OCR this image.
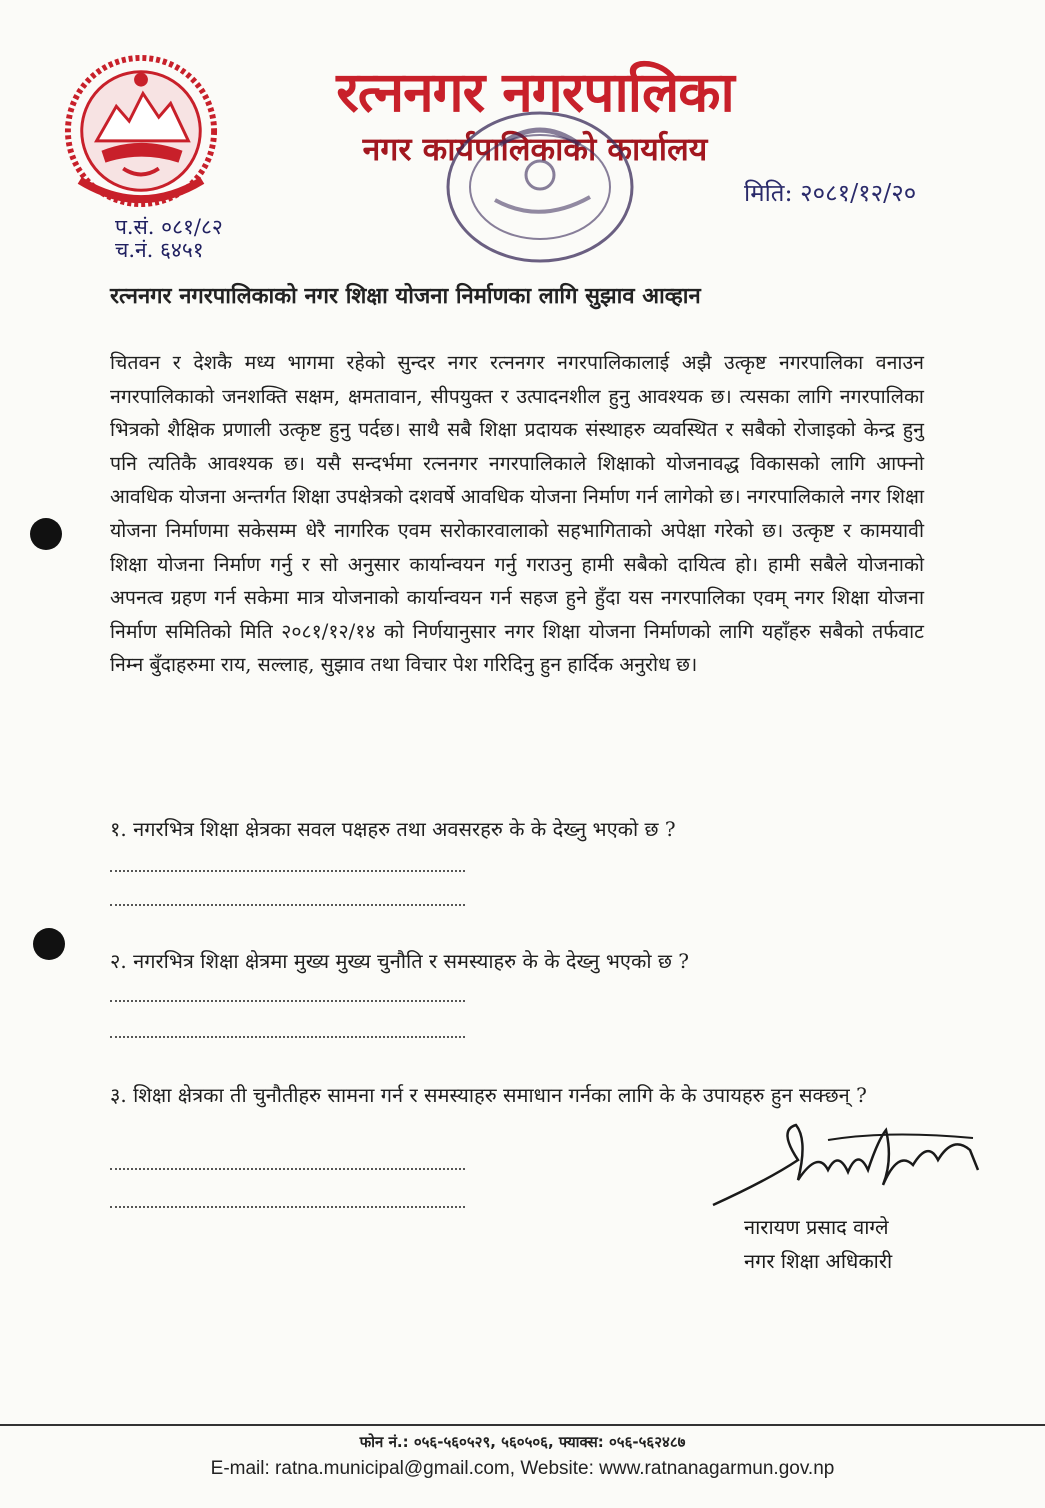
रत्ननगर नगरपालिका
नगर कार्यपालिकाको कार्यालय
मिति: २०८१/१२/२०
प.सं. ०८१/८२
च.नं. ६४५१
रत्ननगर नगरपालिकाको नगर शिक्षा योजना निर्माणका लागि सुझाव आव्हान
चितवन र देशकै मध्य भागमा रहेको सुन्दर नगर रत्ननगर नगरपालिकालाई अझै उत्कृष्ट नगरपालिका वनाउन नगरपालिकाको जनशक्ति सक्षम, क्षमतावान, सीपयुक्त र उत्पादनशील हुनु आवश्यक छ। त्यसका लागि नगरपालिका भित्रको शैक्षिक प्रणाली उत्कृष्ट हुनु पर्दछ। साथै सबै शिक्षा प्रदायक संस्थाहरु व्यवस्थित र सबैको रोजाइको केन्द्र हुनु पनि त्यतिकै आवश्यक छ। यसै सन्दर्भमा रत्ननगर नगरपालिकाले शिक्षाको योजनावद्ध विकासको लागि आफ्नो आवधिक योजना अन्तर्गत शिक्षा उपक्षेत्रको दशवर्षे आवधिक योजना निर्माण गर्न लागेको छ। नगरपालिकाले नगर शिक्षा योजना निर्माणमा सकेसम्म धेरै नागरिक एवम सरोकारवालाको सहभागिताको अपेक्षा गरेको छ। उत्कृष्ट र कामयावी शिक्षा योजना निर्माण गर्नु र सो अनुसार कार्यान्वयन गर्नु गराउनु हामी सबैको दायित्व हो। हामी सबैले योजनाको अपनत्व ग्रहण गर्न सकेमा मात्र योजनाको कार्यान्वयन गर्न सहज हुने हुँदा यस नगरपालिका एवम् नगर शिक्षा योजना निर्माण समितिको मिति २०८१/१२/१४ को निर्णयानुसार नगर शिक्षा योजना निर्माणको लागि यहाँहरु सबैको तर्फवाट निम्न बुँदाहरुमा राय, सल्लाह, सुझाव तथा विचार पेश गरिदिनु हुन हार्दिक अनुरोध छ।
१. नगरभित्र शिक्षा क्षेत्रका सवल पक्षहरु तथा अवसरहरु के के देख्नु भएको छ ?
२. नगरभित्र शिक्षा क्षेत्रमा मुख्य मुख्य चुनौति र समस्याहरु के के देख्नु भएको छ ?
३. शिक्षा क्षेत्रका ती चुनौतीहरु सामना गर्न र समस्याहरु समाधान गर्नका लागि के के उपायहरु हुन सक्छन् ?
नारायण प्रसाद वाग्ले
नगर शिक्षा अधिकारी
फोन नं.: ०५६-५६०५२९, ५६०५०६, फ्याक्स: ०५६-५६२४८७
E-mail: ratna.municipal@gmail.com, Website: www.ratnanagarmun.gov.np
